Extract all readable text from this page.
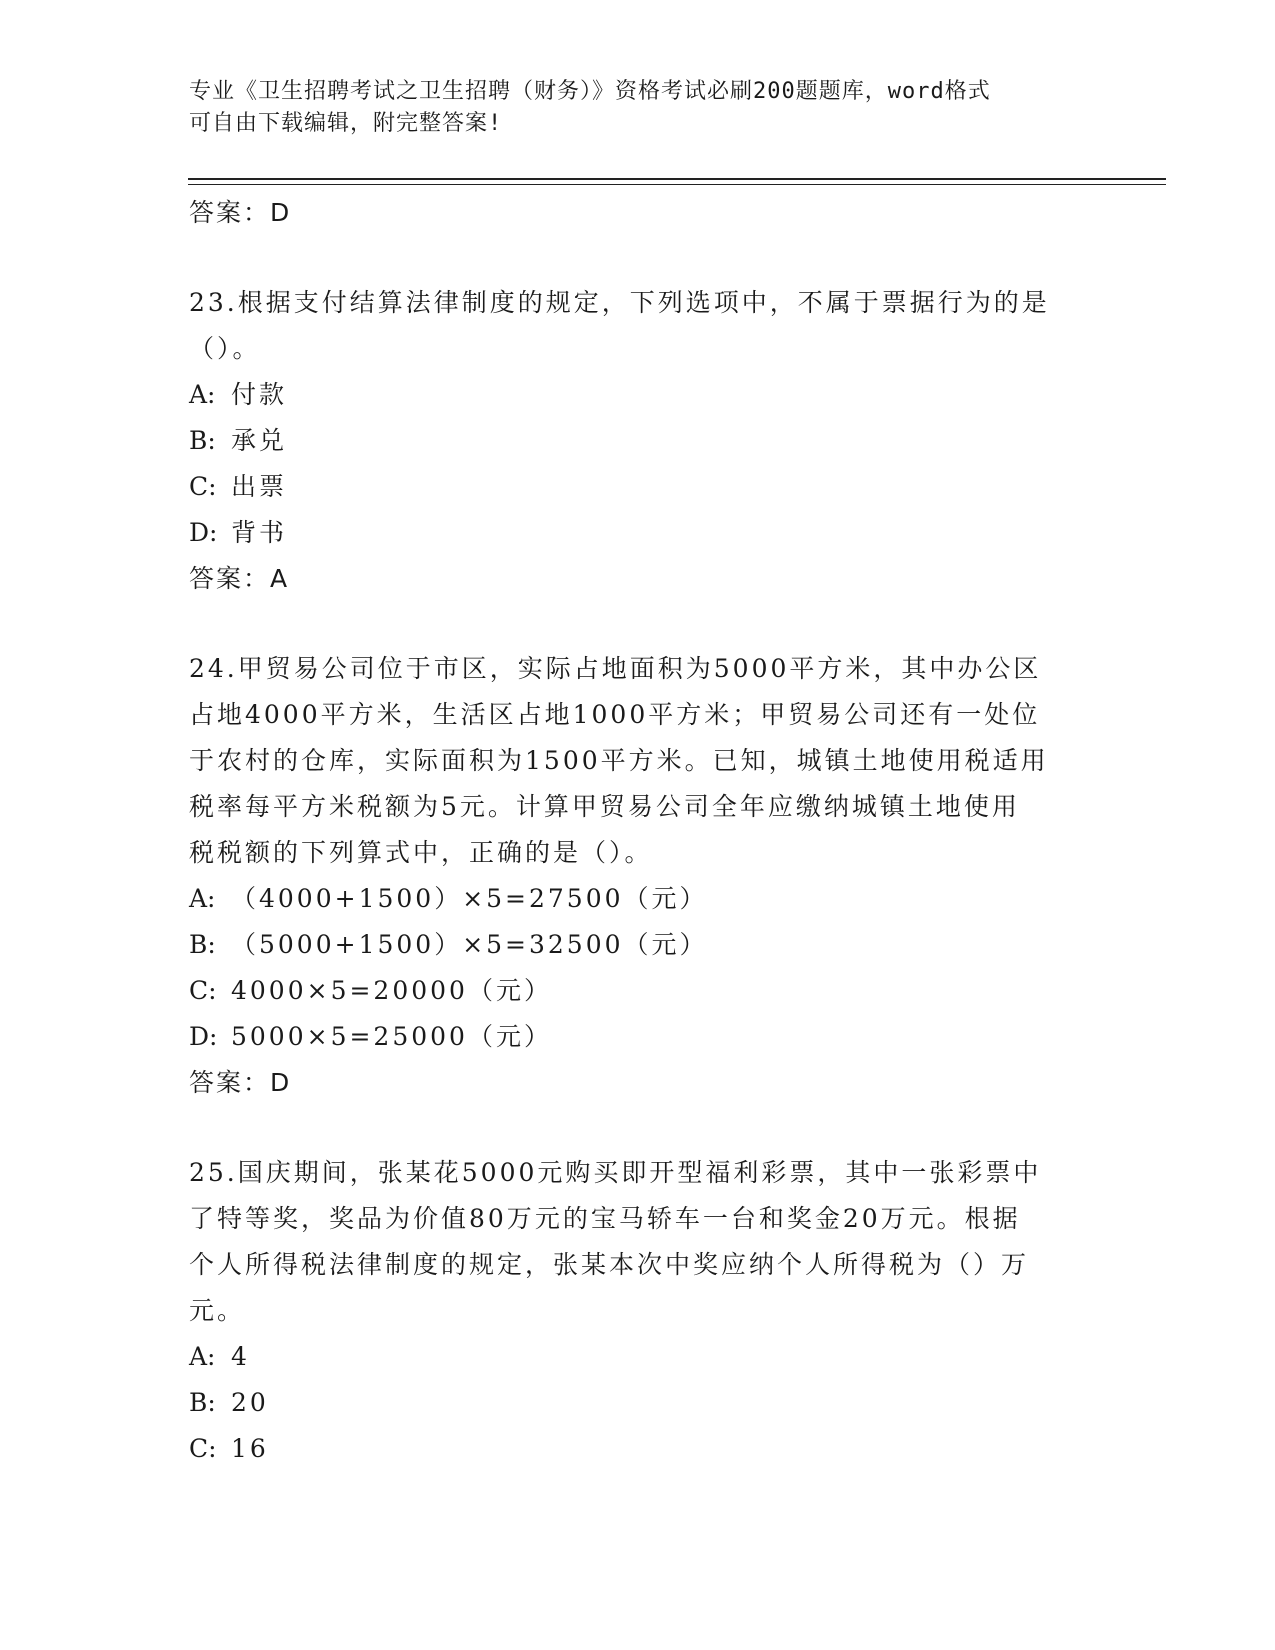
专业《卫生招聘考试之卫生招聘（财务）》资格考试必刷200题题库，word格式
可自由下载编辑，附完整答案!
答案：D
23.根据支付结算法律制度的规定，下列选项中，不属于票据行为的是
（）。
A: 付款
B: 承兑
C: 出票
D: 背书
答案：A
24.甲贸易公司位于市区，实际占地面积为5000平方米，其中办公区
占地4000平方米，生活区占地1000平方米；甲贸易公司还有一处位
于农村的仓库，实际面积为1500平方米。已知，城镇土地使用税适用
税率每平方米税额为5元。计算甲贸易公司全年应缴纳城镇土地使用
税税额的下列算式中，正确的是（）。
A: （4000+1500）×5=27500（元）
B: （5000+1500）×5=32500（元）
C: 4000×5=20000（元）
D: 5000×5=25000（元）
答案：D
25.国庆期间，张某花5000元购买即开型福利彩票，其中一张彩票中
了特等奖，奖品为价值80万元的宝马轿车一台和奖金20万元。根据
个人所得税法律制度的规定，张某本次中奖应纳个人所得税为（）万
元。
A: 4
B: 20
C: 16
